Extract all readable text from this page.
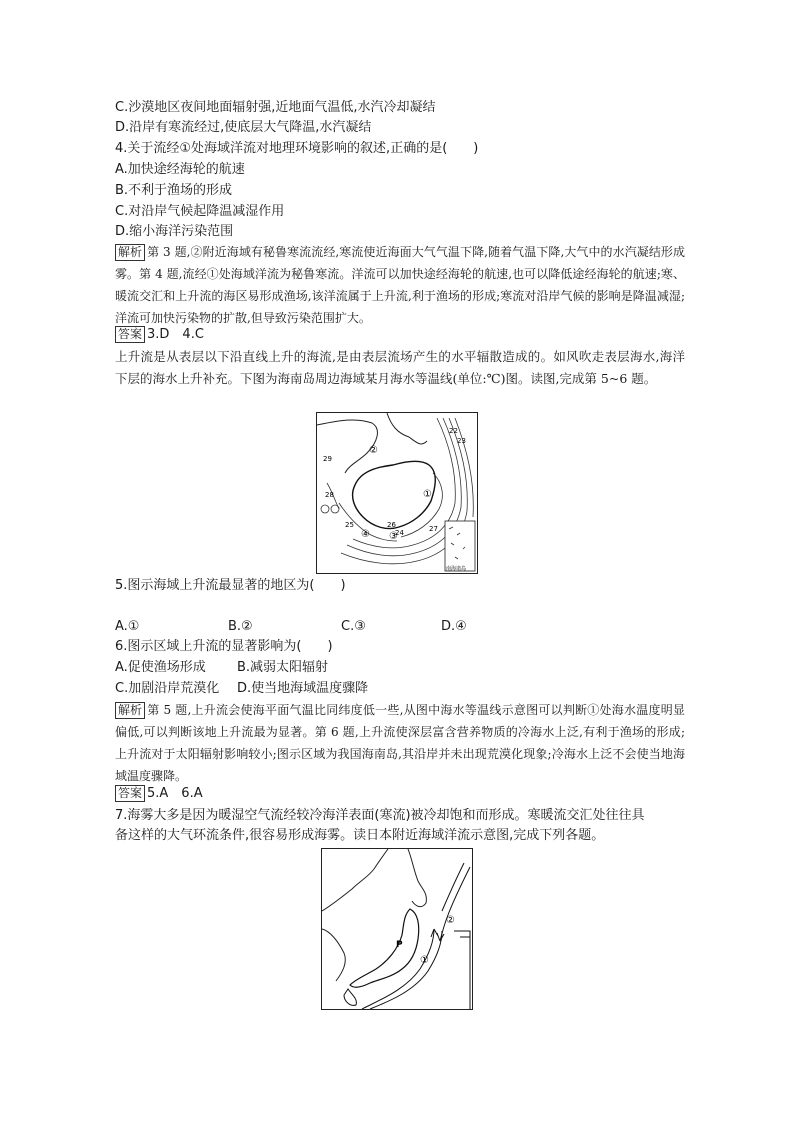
C.沙漠地区夜间地面辐射强,近地面气温低,水汽冷却凝结
D.沿岸有寒流经过,使底层大气降温,水汽凝结
4.关于流经①处海域洋流对地理环境影响的叙述,正确的是(　　)
A.加快途经海轮的航速
B.不利于渔场的形成
C.对沿岸气候起降温减湿作用
D.缩小海洋污染范围
解析 第 3 题,②附近海域有秘鲁寒流流经,寒流使近海面大气气温下降,随着气温下降,大气中的水汽凝结形成雾。第 4 题,流经①处海域洋流为秘鲁寒流。洋流可以加快途经海轮的航速,也可以降低途经海轮的航速;寒、暖流交汇和上升流的海区易形成渔场,该洋流属于上升流,利于渔场的形成;寒流对沿岸气候的影响是降温减湿;洋流可加快污染物的扩散,但导致污染范围扩大。
答案 3.D　4.C
上升流是从表层以下沿直线上升的海流,是由表层流场产生的水平辐散造成的。如风吹走表层海水,海洋下层的海水上升补充。下图为海南岛周边海域某月海水等温线(单位:℃)图。读图,完成第 5~6 题。
①
②
③
④
29
28
27
26
25
24
23
22
南海诸岛
5.图示海域上升流最显著的地区为(　　)
A.①	B.②	C.③	D.④
6.图示区域上升流的显著影响为(　　)
A.促使渔场形成 B.减弱太阳辐射
C.加剧沿岸荒漠化 D.使当地海域温度骤降
解析 第 5 题,上升流会使海平面气温比同纬度低一些,从图中海水等温线示意图可以判断①处海水温度明显偏低,可以判断该地上升流最为显著。第 6 题,上升流使深层富含营养物质的冷海水上泛,有利于渔场的形成;上升流对于太阳辐射影响较小;图示区域为我国海南岛,其沿岸并未出现荒漠化现象;冷海水上泛不会使当地海域温度骤降。
答案 5.A　6.A
7.海雾大多是因为暖湿空气流经较冷海洋表面(寒流)被冷却饱和而形成。寒暖流交汇处往往具
备这样的大气环流条件,很容易形成海雾。读日本附近海域洋流示意图,完成下列各题。
①
②
P
